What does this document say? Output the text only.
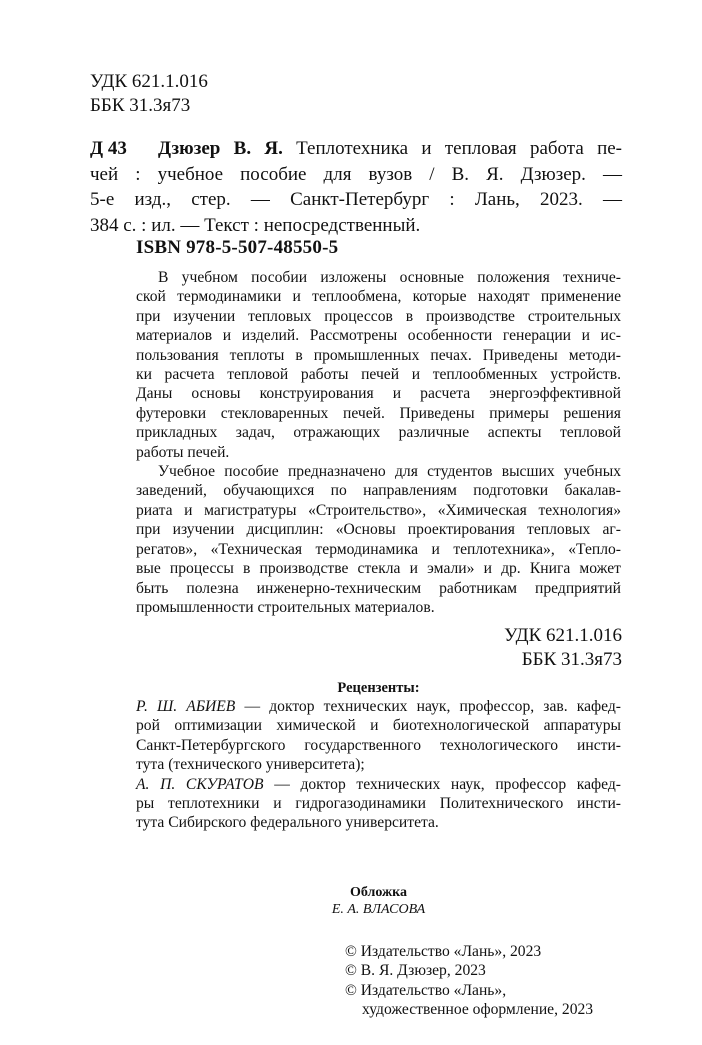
УДК 621.1.016
ББК 31.3я73
Д 43 Дзюзер В. Я. Теплотехника и тепловая работа пе-
чей : учебное пособие для вузов / В. Я. Дзюзер. —
5-е изд., стер. — Санкт-Петербург : Лань, 2023. —
384 с. : ил. — Текст : непосредственный.
ISBN 978-5-507-48550-5
В учебном пособии изложены основные положения техниче-
ской термодинамики и теплообмена, которые находят применение
при изучении тепловых процессов в производстве строительных
материалов и изделий. Рассмотрены особенности генерации и ис-
пользования теплоты в промышленных печах. Приведены методи-
ки расчета тепловой работы печей и теплообменных устройств.
Даны основы конструирования и расчета энергоэффективной
футеровки стекловаренных печей. Приведены примеры решения
прикладных задач, отражающих различные аспекты тепловой
работы печей.
Учебное пособие предназначено для студентов высших учебных
заведений, обучающихся по направлениям подготовки бакалав-
риата и магистратуры «Строительство», «Химическая технология»
при изучении дисциплин: «Основы проектирования тепловых аг-
регатов», «Техническая термодинамика и теплотехника», «Тепло-
вые процессы в производстве стекла и эмали» и др. Книга может
быть полезна инженерно-техническим работникам предприятий
промышленности строительных материалов.
УДК 621.1.016
ББК 31.3я73
Рецензенты:
Р. Ш. АБИЕВ — доктор технических наук, профессор, зав. кафед-
рой оптимизации химической и биотехнологической аппаратуры
Санкт-Петербургского государственного технологического инсти-
тута (технического университета);
А. П. СКУРАТОВ — доктор технических наук, профессор кафед-
ры теплотехники и гидрогазодинамики Политехнического инсти-
тута Сибирского федерального университета.
Обложка
Е. А. ВЛАСОВА
© Издательство «Лань», 2023
© В. Я. Дзюзер, 2023
© Издательство «Лань»,
художественное оформление, 2023
